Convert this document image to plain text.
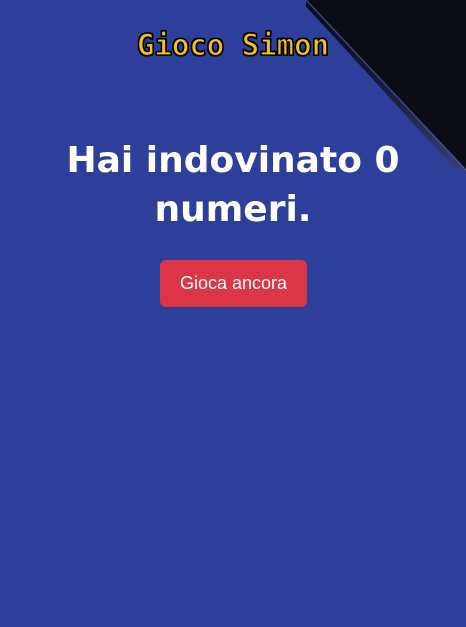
Gioco Simon
Hai indovinato 0 numeri.
Gioca ancora
